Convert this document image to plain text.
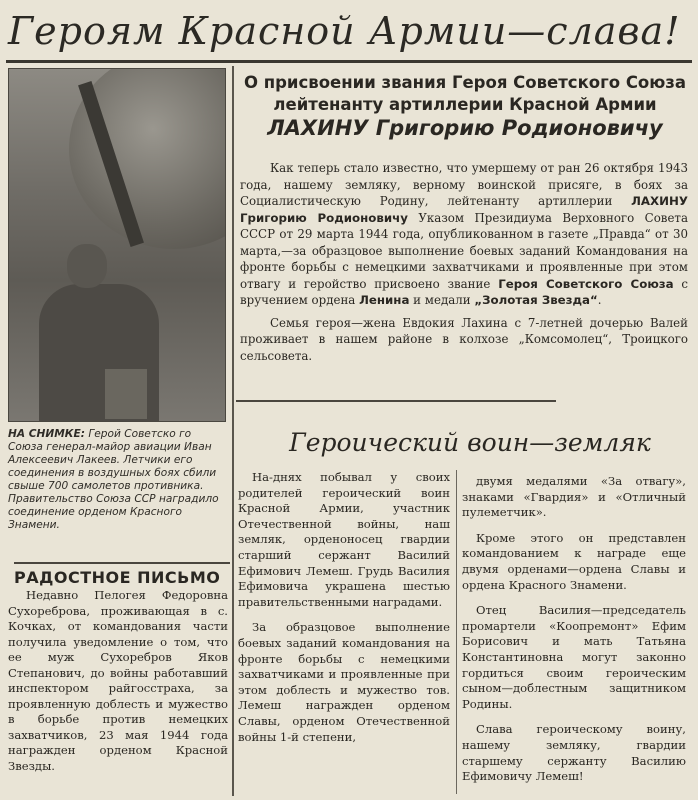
Героям Красной Армии—слава!
НА СНИМКЕ: Герой Советско го Союза генерал-майор авиации Иван Алексеевич Лакеев. Летчики его соединения в воздушных боях сбили свыше 700 самолетов противника. Правительство Союза ССР наградило соединение орденом Красного Знамени.
РАДОСТНОЕ ПИСЬМО
Недавно Пелогея Федоровна Сухореброва, проживающая в с. Кочках, от командования части получила уведомление о том, что ее муж Сухоребров Яков Степанович, до войны работавший инспектором райгосстраха, за проявленную доблесть и мужество в борьбе против немецких захватчиков, 23 мая 1944 года награжден орденом Красной Звезды.
О присвоении звания Героя Советского Союза
лейтенанту артиллерии Красной Армии
ЛАХИНУ Григорию Родионовичу

Как теперь стало известно, что умершему от ран 26 октября 1943 года, нашему земляку, верному воинской присяге, в боях за Социалистическую Родину, лейтенанту артиллерии ЛАХИНУ Григорию Родионовичу Указом Президиума Верховного Совета СССР от 29 марта 1944 года, опубликованном в газете „Правда“ от 30 марта,—за образцовое выполнение боевых заданий Командования на фронте борьбы с немецкими захватчиками и проявленные при этом отвагу и геройство присвоено звание Героя Советского Союза с вручением ордена Ленина и медали „Золотая Звезда“.

Семья героя—жена Евдокия Лахина с 7-летней дочерью Валей проживает в нашем районе в колхозе „Комсомолец“, Троицкого сельсовета.

Героический воин—земляк

На-днях побывал у своих родителей героический воин Красной Армии, участник Отечественной войны, наш земляк, орденоносец гвардии старший сержант Василий Ефимович Лемеш. Грудь Василия Ефимовича украшена шестью правительственными наградами.

За образцовое выполнение боевых заданий командования на фронте борьбы с немецкими захватчиками и проявленные при этом доблесть и мужество тов. Лемеш награжден орденом Славы, орденом Отечественной войны 1-й степени,

двумя медалями «За отвагу», знаками «Гвардия» и «Отличный пулеметчик».

Кроме этого он представлен командованием к награде еще двумя орденами—ордена Славы и ордена Красного Знамени.

Отец Василия—председатель промартели «Коопремонт» Ефим Борисович и мать Татьяна Константиновна могут законно гордиться своим героическим сыном—доблестным защитником Родины.

Слава героическому воину, нашему земляку, гвардии старшему сержанту Василию Ефимовичу Лемеш!
